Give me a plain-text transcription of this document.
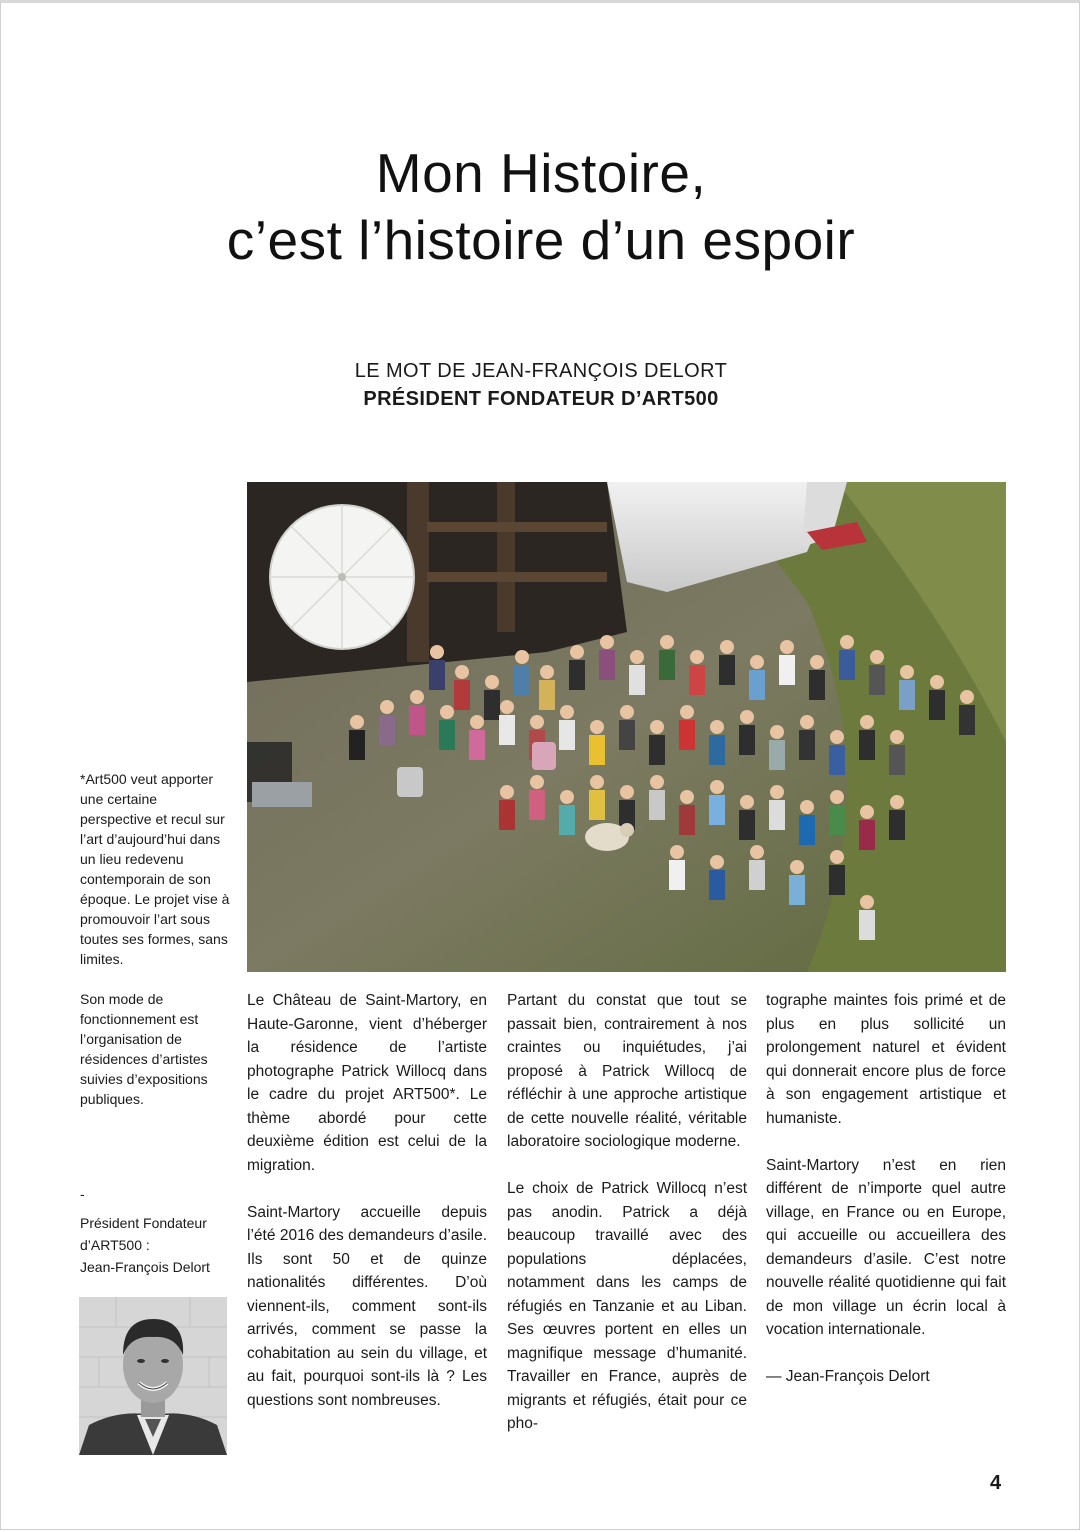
Mon Histoire,
c’est l’histoire d’un espoir
LE MOT DE JEAN-FRANÇOIS DELORT
PRÉSIDENT FONDATEUR D’ART500

*Art500 veut apporter une certaine perspective et recul sur l’art d’aujourd’hui dans un lieu redevenu contemporain de son époque. Le projet vise à promouvoir l’art sous toutes ses formes, sans limites.

Son mode de fonctionnement est l’organisation de résidences d’artistes suivies d’expositions publiques.

-
Président Fondateur
d’ART500 :
Jean-François Delort

Le Château de Saint-Martory, en Haute-Garonne, vient d’héberger la résidence de l’artiste photographe Patrick Willocq dans le cadre du projet ART500*. Le thème abordé pour cette deuxième édition est celui de la migration.

Saint-Martory accueille depuis l’été 2016 des demandeurs d’asile. Ils sont 50 et de quinze nationalités différentes. D’où viennent-ils, comment sont-ils arrivés, comment se passe la cohabitation au sein du village, et au fait, pourquoi sont-ils là ? Les questions sont nombreuses.

Partant du constat que tout se passait bien, contrairement à nos craintes ou inquiétudes, j’ai proposé à Patrick Willocq de réfléchir à une approche artistique de cette nouvelle réalité, véritable laboratoire sociologique moderne.

Le choix de Patrick Willocq n’est pas anodin. Patrick a déjà beaucoup travaillé avec des populations déplacées, notamment dans les camps de réfugiés en Tanzanie et au Liban. Ses œuvres portent en elles un magnifique message d’humanité. Travailler en France, auprès de migrants et réfugiés, était pour ce pho-

tographe maintes fois primé et de plus en plus sollicité un prolongement naturel et évident qui donnerait encore plus de force à son engagement artistique et humaniste.

Saint-Martory n’est en rien différent de n’importe quel autre village, en France ou en Europe, qui accueille ou accueillera des demandeurs d’asile. C’est notre nouvelle réalité quotidienne qui fait de mon village un écrin local à vocation internationale.

— Jean-François Delort

4
